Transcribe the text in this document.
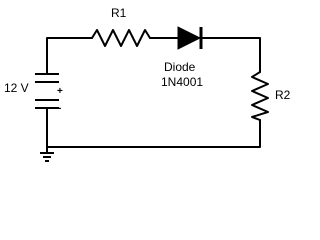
R1
Diode
1N4001
R2
+
-
12 V
